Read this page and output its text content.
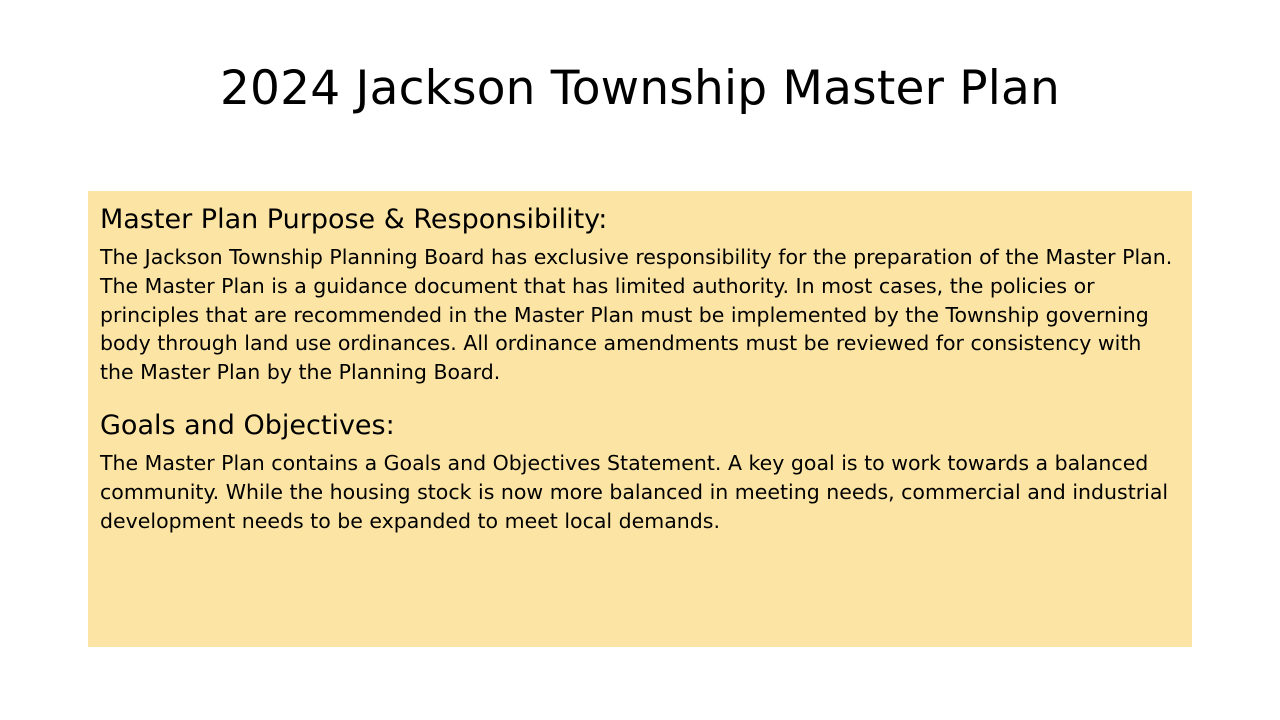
2024 Jackson Township Master Plan
Master Plan Purpose & Responsibility:

The Jackson Township Planning Board has exclusive responsibility for the preparation of the Master Plan. The Master Plan is a guidance document that has limited authority. In most cases, the policies or principles that are recommended in the Master Plan must be implemented by the Township governing body through land use ordinances. All ordinance amendments must be reviewed for consistency with the Master Plan by the Planning Board.

Goals and Objectives:

The Master Plan contains a Goals and Objectives Statement. A key goal is to work towards a balanced community. While the housing stock is now more balanced in meeting needs, commercial and industrial development needs to be expanded to meet local demands.
